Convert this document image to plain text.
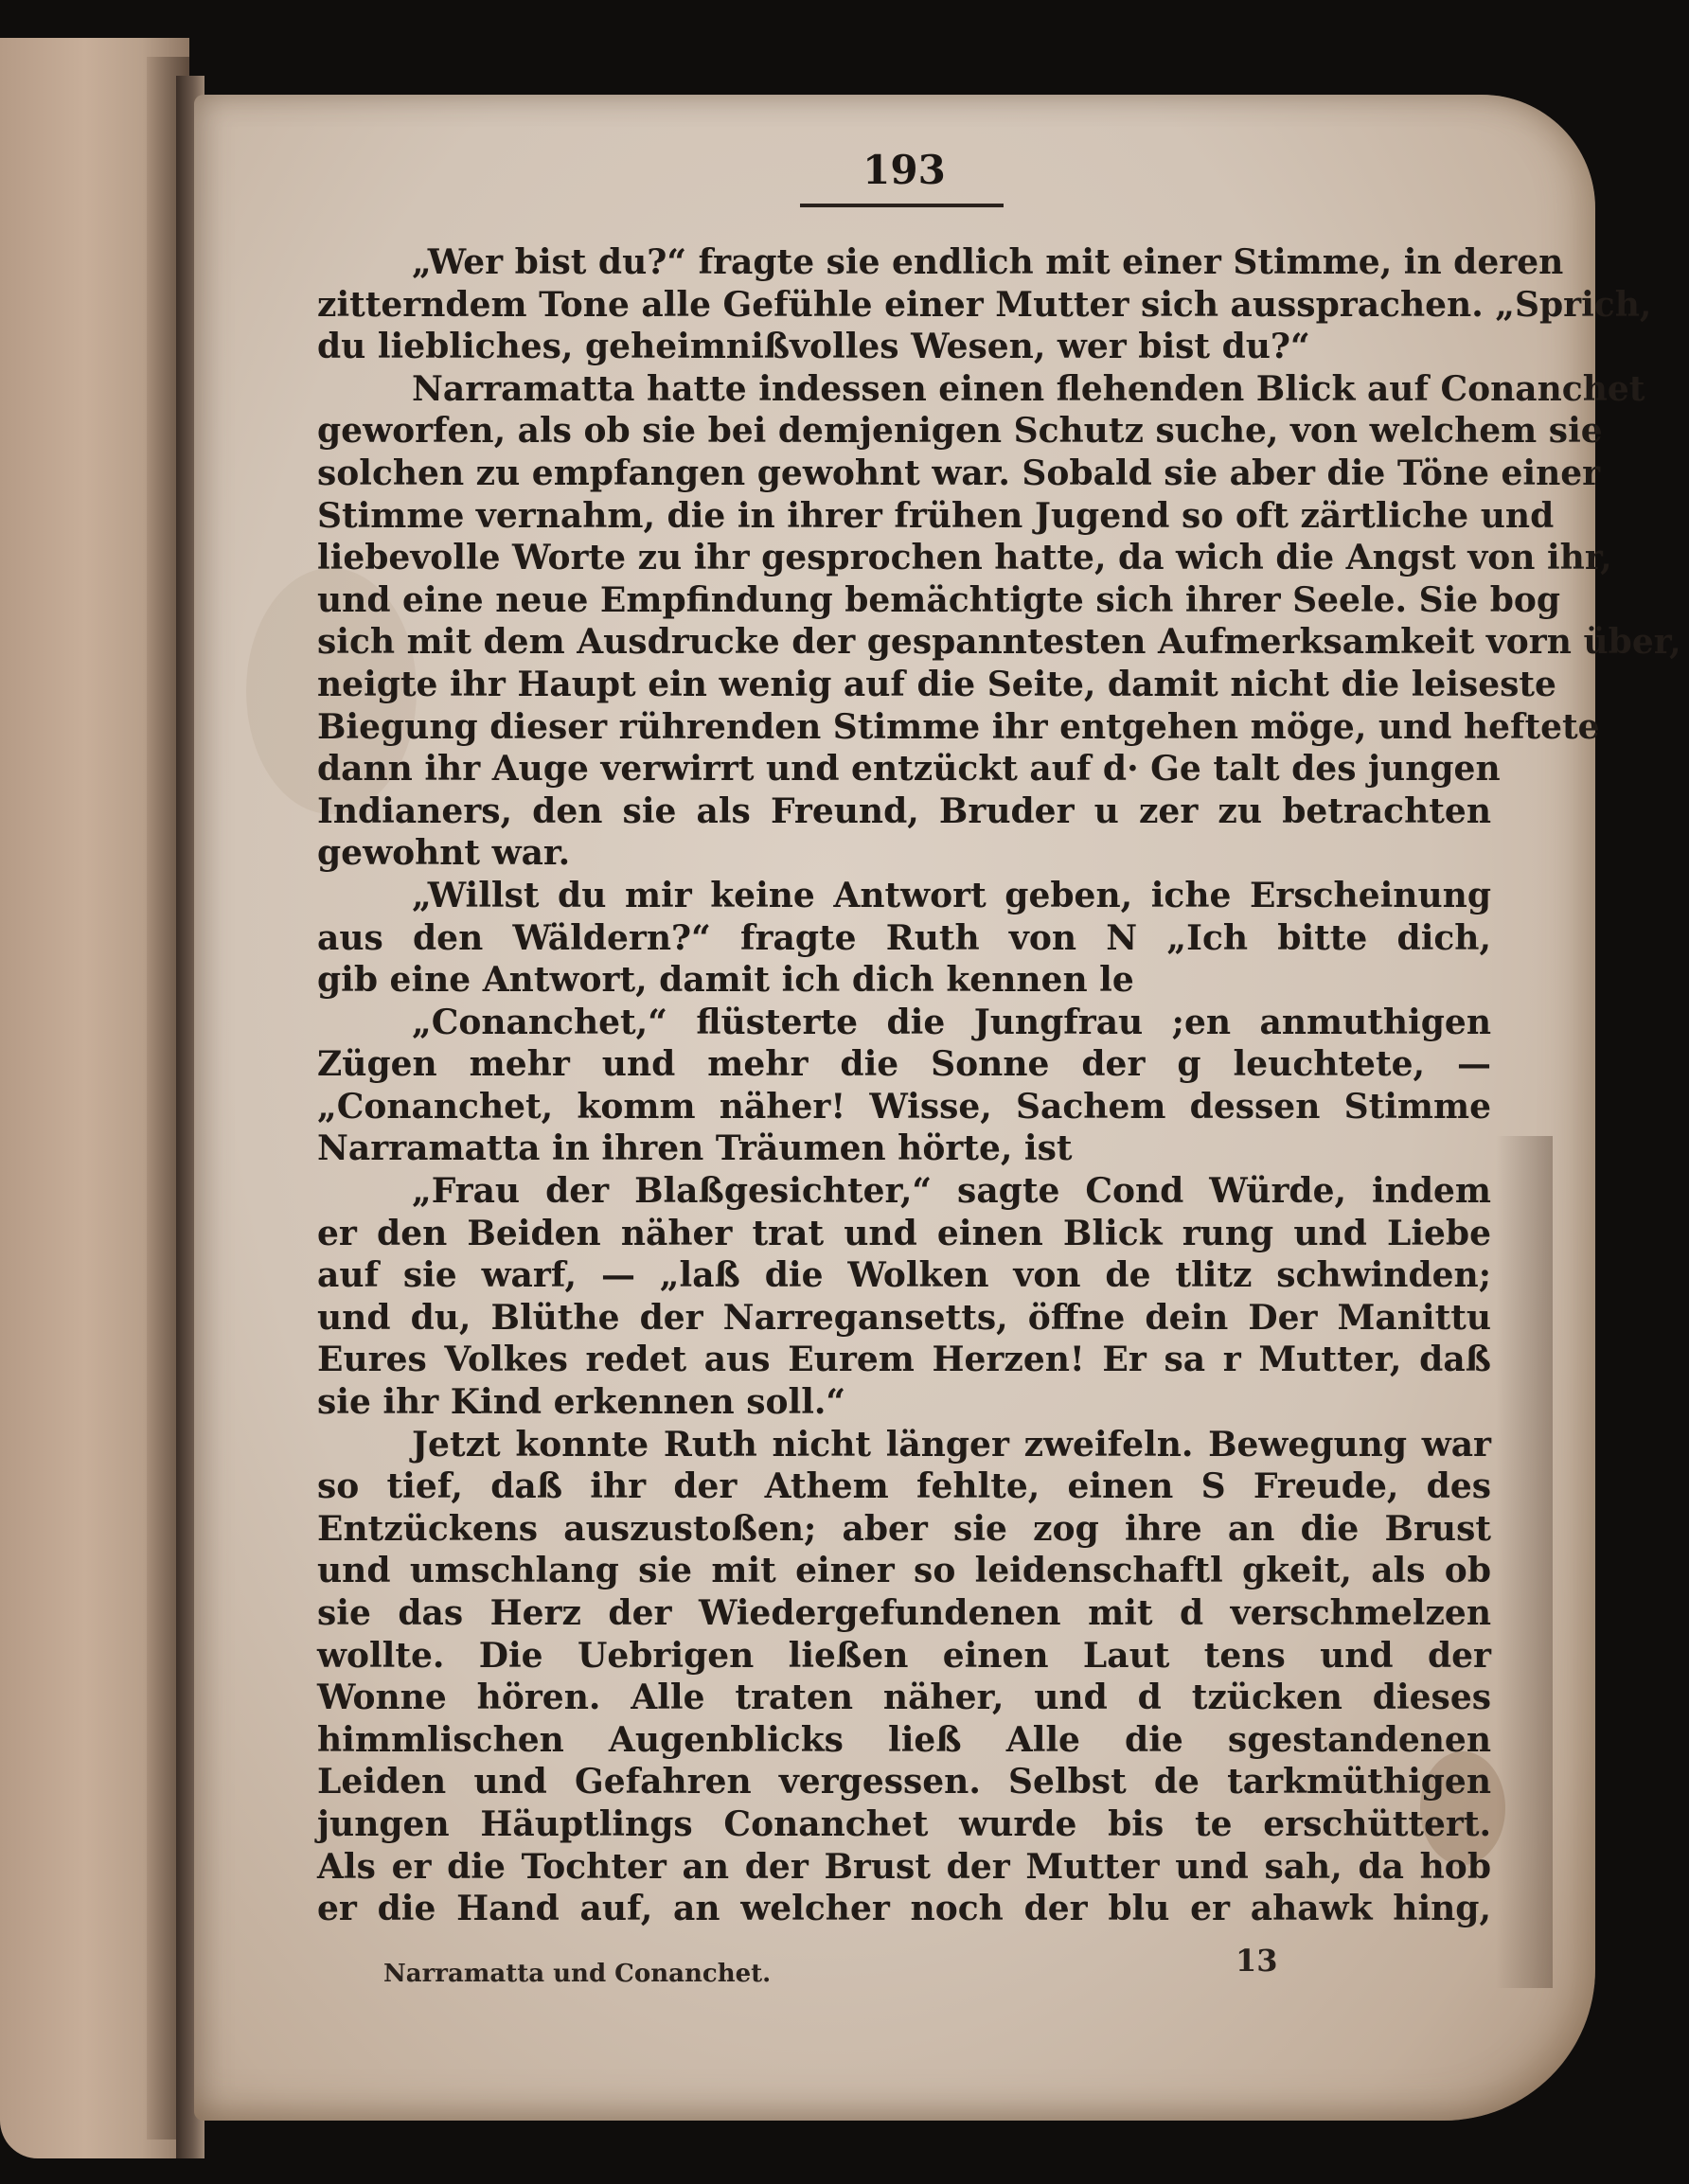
193
„Wer bist du?“ fragte sie endlich mit einer Stimme, in deren
zitterndem Tone alle Gefühle einer Mutter sich aussprachen. „Sprich,
du liebliches, geheimnißvolles Wesen, wer bist du?“
Narramatta hatte indessen einen flehenden Blick auf Conanchet
geworfen, als ob sie bei demjenigen Schutz suche, von welchem sie
solchen zu empfangen gewohnt war. Sobald sie aber die Töne einer
Stimme vernahm, die in ihrer frühen Jugend so oft zärtliche und
liebevolle Worte zu ihr gesprochen hatte, da wich die Angst von ihr,
und eine neue Empfindung bemächtigte sich ihrer Seele. Sie bog
sich mit dem Ausdrucke der gespanntesten Aufmerksamkeit vorn über,
neigte ihr Haupt ein wenig auf die Seite, damit nicht die leiseste
Biegung dieser rührenden Stimme ihr entgehen möge, und heftete
dann ihr Auge verwirrt und entzückt auf d· Ge talt des jungen
Indianers, den sie als Freund, Bruder u zer zu betrachten
gewohnt war.
„Willst du mir keine Antwort geben, iche Erscheinung
aus den Wäldern?“ fragte Ruth von N „Ich bitte dich,
gib eine Antwort, damit ich dich kennen le
„Conanchet,“ flüsterte die Jungfrau ;en anmuthigen
Zügen mehr und mehr die Sonne der g leuchtete, —
„Conanchet, komm näher! Wisse, Sachem dessen Stimme
Narramatta in ihren Träumen hörte, ist
„Frau der Blaßgesichter,“ sagte Cond Würde, indem
er den Beiden näher trat und einen Blick rung und Liebe
auf sie warf, — „laß die Wolken von de tlitz schwinden;
und du, Blüthe der Narregansetts, öffne dein Der Manittu
Eures Volkes redet aus Eurem Herzen! Er sa r Mutter, daß
sie ihr Kind erkennen soll.“
Jetzt konnte Ruth nicht länger zweifeln. Bewegung war
so tief, daß ihr der Athem fehlte, einen S Freude, des
Entzückens auszustoßen; aber sie zog ihre an die Brust
und umschlang sie mit einer so leidenschaftl gkeit, als ob
sie das Herz der Wiedergefundenen mit d verschmelzen
wollte. Die Uebrigen ließen einen Laut tens und der
Wonne hören. Alle traten näher, und d tzücken dieses
himmlischen Augenblicks ließ Alle die sgestandenen
Leiden und Gefahren vergessen. Selbst de tarkmüthigen
jungen Häuptlings Conanchet wurde bis te erschüttert.
Als er die Tochter an der Brust der Mutter und sah, da hob
er die Hand auf, an welcher noch der blu er ahawk hing,
Narramatta und Conanchet.	13
